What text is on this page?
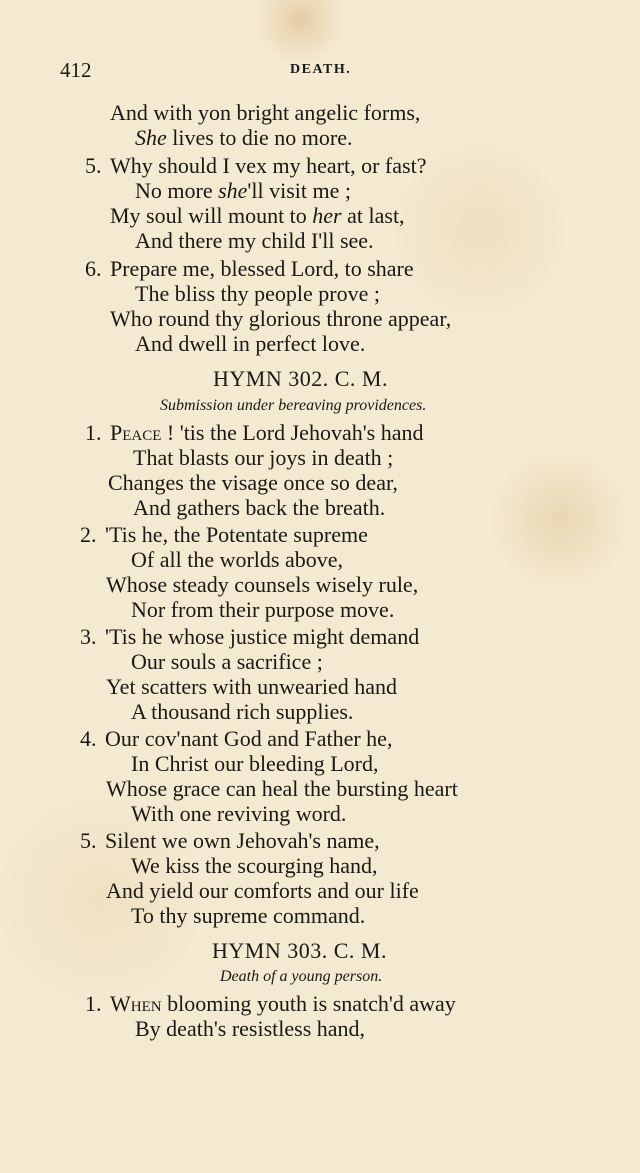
412	DEATH.
And with yon bright angelic forms,
She lives to die no more.
5. Why should I vex my heart, or fast?
No more she'll visit me ;
My soul will mount to her at last,
And there my child I'll see.
6. Prepare me, blessed Lord, to share
The bliss thy people prove ;
Who round thy glorious throne appear,
And dwell in perfect love.
HYMN 302. C. M.
Submission under bereaving providences.
1. Peace ! 'tis the Lord Jehovah's hand
That blasts our joys in death ;
Changes the visage once so dear,
And gathers back the breath.
2. 'Tis he, the Potentate supreme
Of all the worlds above,
Whose steady counsels wisely rule,
Nor from their purpose move.
3. 'Tis he whose justice might demand
Our souls a sacrifice ;
Yet scatters with unwearied hand
A thousand rich supplies.
4. Our cov'nant God and Father he,
In Christ our bleeding Lord,
Whose grace can heal the bursting heart
With one reviving word.
5. Silent we own Jehovah's name,
We kiss the scourging hand,
And yield our comforts and our life
To thy supreme command.
HYMN 303. C. M.
Death of a young person.
1. When blooming youth is snatch'd away
By death's resistless hand,
